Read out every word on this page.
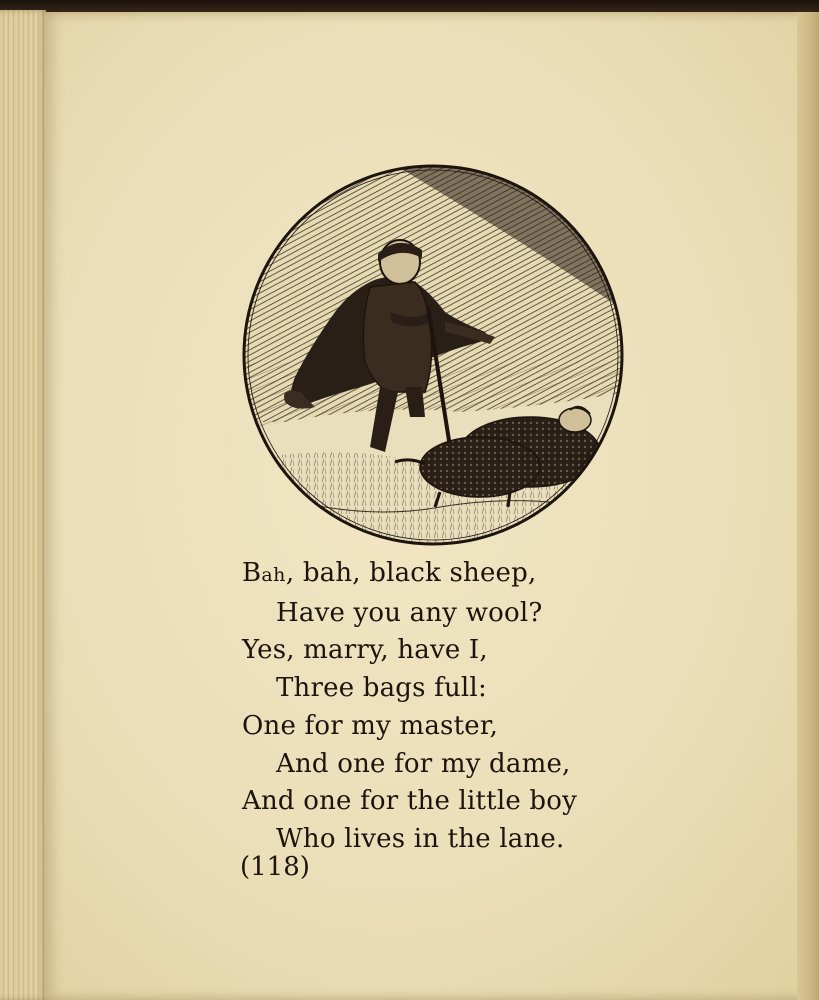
Bah, bah, black sheep,
Have you any wool?
Yes, marry, have I,
Three bags full:
One for my master,
And one for my dame,
And one for the little boy
Who lives in the lane.
(118)
